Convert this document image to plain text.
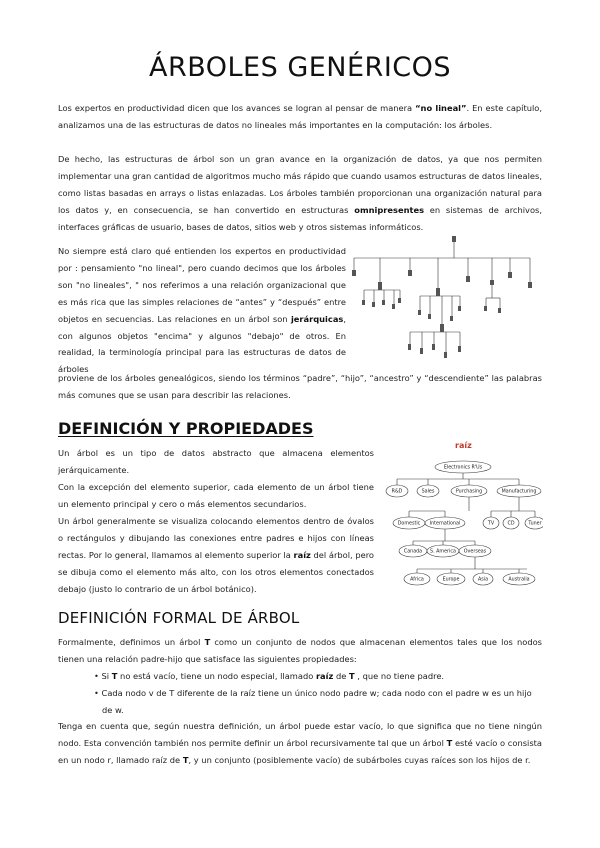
ÁRBOLES GENÉRICOS

Los expertos en productividad dicen que los avances se logran al pensar de manera “no lineal”. En este capítulo, analizamos una de las estructuras de datos no lineales más importantes en la computación: los árboles.

De hecho, las estructuras de árbol son un gran avance en la organización de datos, ya que nos permiten implementar una gran cantidad de algoritmos mucho más rápido que cuando usamos estructuras de datos lineales, como listas basadas en arrays o listas enlazadas. Los árboles también proporcionan una organización natural para los datos y, en consecuencia, se han convertido en estructuras omnipresentes en sistemas de archivos, interfaces gráficas de usuario, bases de datos, sitios web y otros sistemas informáticos.

No siempre está claro qué entienden los expertos en productividad por : pensamiento "no lineal", pero cuando decimos que los árboles son "no lineales", " nos referimos a una relación organizacional que es más rica que las simples relaciones de “antes” y “después” entre objetos en secuencias. Las relaciones en un árbol son jerárquicas, con algunos objetos "encima" y algunos "debajo" de otros. En realidad, la terminología principal para las estructuras de datos de árboles

proviene de los árboles genealógicos, siendo los términos “padre”, “hijo”, “ancestro” y “descendiente” las palabras más comunes que se usan para describir las relaciones.

DEFINICIÓN Y PROPIEDADES

Un árbol es un tipo de datos abstracto que almacena elementos jerárquicamente.

Con la excepción del elemento superior, cada elemento de un árbol tiene un elemento principal y cero o más elementos secundarios.

Un árbol generalmente se visualiza colocando elementos dentro de óvalos o rectángulos y dibujando las conexiones entre padres e hijos con líneas rectas. Por lo general, llamamos al elemento superior la raíz del árbol, pero se dibuja como el elemento más alto, con los otros elementos conectados debajo (justo lo contrario de un árbol botánico).

raíz
Electronics R'Us
R&D	Sales	Purchasing	Manufacturing
Domestic International	TV	CD	Tuner
Canada S. America Overseas
Africa	Europe	Asia	Australia
DEFINICIÓN FORMAL DE ÁRBOL

Formalmente, definimos un árbol T como un conjunto de nodos que almacenan elementos tales que los nodos tienen una relación padre-hijo que satisface las siguientes propiedades:

• Si T no está vacío, tiene un nodo especial, llamado raíz de T , que no tiene padre.
• Cada nodo v de T diferente de la raíz tiene un único nodo padre w; cada nodo con el padre w es un hijo de w.

Tenga en cuenta que, según nuestra definición, un árbol puede estar vacío, lo que significa que no tiene ningún nodo. Esta convención también nos permite definir un árbol recursivamente tal que un árbol T esté vacío o consista en un nodo r, llamado raíz de T, y un conjunto (posiblemente vacío) de subárboles cuyas raíces son los hijos de r.
